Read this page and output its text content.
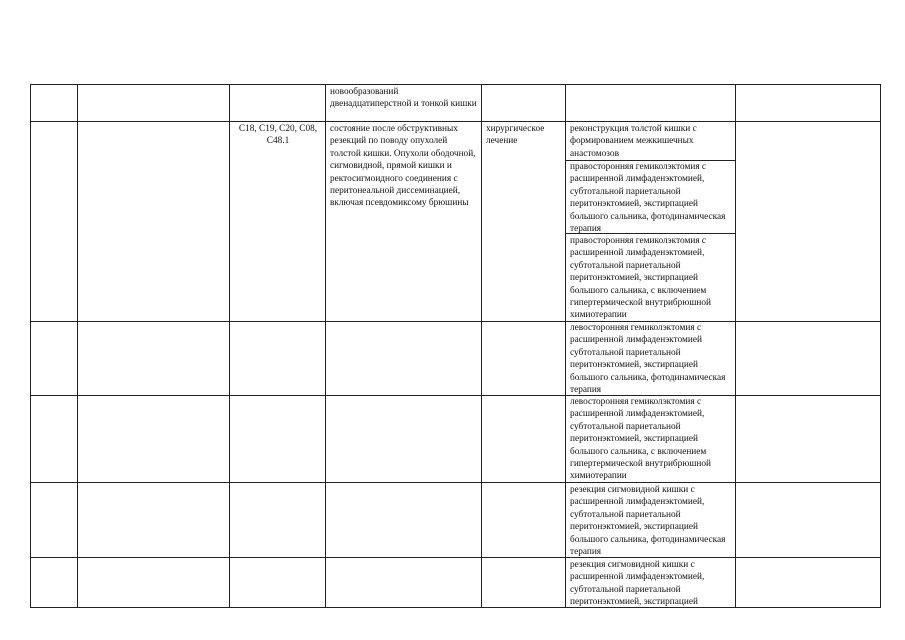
новообразований двенадцатиперстной и тонкой кишки
C18, C19, C20, C08, C48.1
состояние после обструктивных резекций по поводу опухолей толстой кишки. Опухоли ободочной, сигмовидной, прямой кишки и ректосигмоидного соединения с перитонеальной диссеминацией, включая псевдомиксому брюшины
хирургическое лечение
реконструкция толстой кишки с формированием межкишечных анастомозов
правосторонняя гемиколэктомия с расширенной лимфаденэктомией, субтотальной париетальной перитонэктомией, экстирпацией большого сальника, фотодинамическая терапия
правосторонняя гемиколэктомия с расширенной лимфаденэктомией, субтотальной париетальной перитонэктомией, экстирпацией большого сальника, с включением гипертермической внутрибрюшной химиотерапии
левосторонняя гемиколэктомия с расширенной лимфаденэктомией субтотальной париетальной перитонэктомией, экстирпацией большого сальника, фотодинамическая терапия
левосторонняя гемиколэктомия с расширенной лимфаденэктомией, субтотальной париетальной перитонэктомией, экстирпацией большого сальника, с включением гипертермической внутрибрюшной химиотерапии
резекция сигмовидной кишки с расширенной лимфаденэктомией, субтотальной париетальной перитонэктомией, экстирпацией большого сальника, фотодинамическая терапия
резекция сигмовидной кишки с расширенной лимфаденэктомией, субтотальной париетальной перитонэктомией, экстирпацией
